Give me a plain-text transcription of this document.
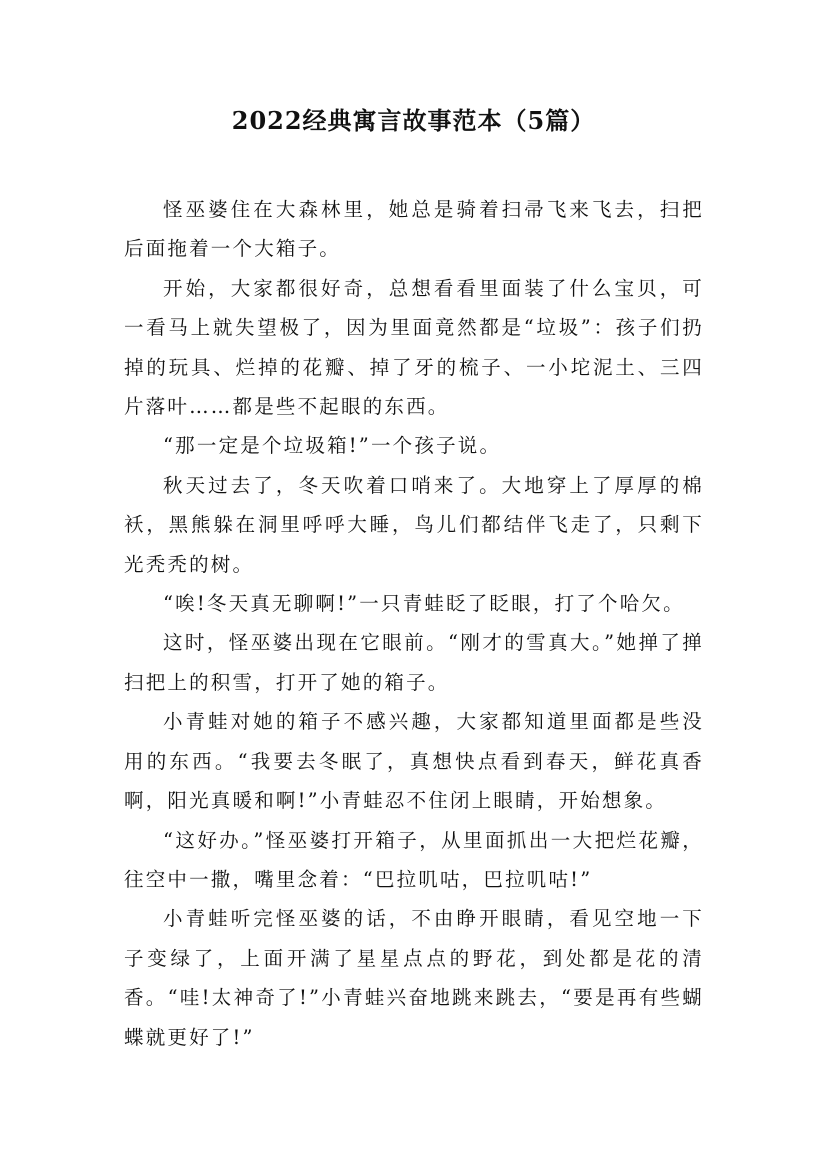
2022经典寓言故事范本（5篇）

怪巫婆住在大森林里，她总是骑着扫帚飞来飞去，扫把后面拖着一个大箱子。

开始，大家都很好奇，总想看看里面装了什么宝贝，可一看马上就失望极了，因为里面竟然都是“垃圾”：孩子们扔掉的玩具、烂掉的花瓣、掉了牙的梳子、一小坨泥土、三四片落叶……都是些不起眼的东西。

“那一定是个垃圾箱!”一个孩子说。

秋天过去了，冬天吹着口哨来了。大地穿上了厚厚的棉袄，黑熊躲在洞里呼呼大睡，鸟儿们都结伴飞走了，只剩下光秃秃的树。

“唉!冬天真无聊啊!”一只青蛙眨了眨眼，打了个哈欠。

这时，怪巫婆出现在它眼前。“刚才的雪真大。”她掸了掸扫把上的积雪，打开了她的箱子。

小青蛙对她的箱子不感兴趣，大家都知道里面都是些没用的东西。“我要去冬眠了，真想快点看到春天，鲜花真香啊，阳光真暖和啊!”小青蛙忍不住闭上眼睛，开始想象。

“这好办。”怪巫婆打开箱子，从里面抓出一大把烂花瓣，往空中一撒，嘴里念着：“巴拉叽咕，巴拉叽咕!”

小青蛙听完怪巫婆的话，不由睁开眼睛，看见空地一下子变绿了，上面开满了星星点点的野花，到处都是花的清香。“哇!太神奇了!”小青蛙兴奋地跳来跳去，“要是再有些蝴蝶就更好了!”
